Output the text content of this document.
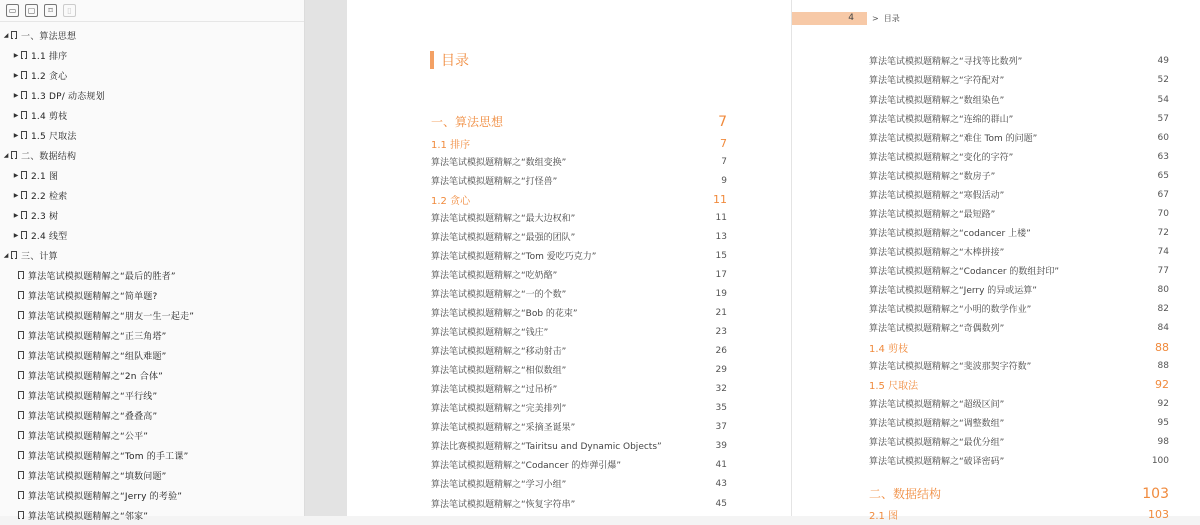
▭	▢	⌑	▯
◢ 一、算法思想
▶ 1.1 排序
▶ 1.2 贪心
▶ 1.3 DP/ 动态规划
▶ 1.4 剪枝
▶ 1.5 尺取法
◢ 二、数据结构
▶ 2.1 图
▶ 2.2 检索
▶ 2.3 树
▶ 2.4 线型
◢ 三、计算
算法笔试模拟题精解之“最后的胜者”
算法笔试模拟题精解之“简单题?
算法笔试模拟题精解之“朋友一生一起走”
算法笔试模拟题精解之“正三角塔”
算法笔试模拟题精解之“组队难题”
算法笔试模拟题精解之“2n 合体”
算法笔试模拟题精解之“平行线”
算法笔试模拟题精解之“叠叠高”
算法笔试模拟题精解之“公平”
算法笔试模拟题精解之“Tom 的手工课”
算法笔试模拟题精解之“填数问题”
算法笔试模拟题精解之“Jerry 的考验”
算法笔试模拟题精解之“邻家”
目录
一、算法思想	7
1.1 排序	7
算法笔试模拟题精解之“数组变换”	7
算法笔试模拟题精解之“打怪兽”	9
1.2 贪心	11
算法笔试模拟题精解之“最大边权和”	11
算法笔试模拟题精解之“最强的团队”	13
算法笔试模拟题精解之“Tom 爱吃巧克力”	15
算法笔试模拟题精解之“吃奶酪”	17
算法笔试模拟题精解之“一的个数”	19
算法笔试模拟题精解之“Bob 的花束”	21
算法笔试模拟题精解之“钱庄”	23
算法笔试模拟题精解之“移动射击”	26
算法笔试模拟题精解之“相似数组”	29
算法笔试模拟题精解之“过吊桥”	32
算法笔试模拟题精解之“完美排列”	35
算法笔试模拟题精解之“采摘圣诞果”	37
算法比赛模拟题精解之“Tairitsu and Dynamic Objects”	39
算法笔试模拟题精解之“Codancer 的炸弹引爆”	41
算法笔试模拟题精解之“学习小组”	43
算法笔试模拟题精解之“恢复字符串”	45
4	> 目录
算法笔试模拟题精解之“寻找等比数列”	49
算法笔试模拟题精解之“字符配对”	52
算法笔试模拟题精解之“数组染色”	54
算法笔试模拟题精解之“连绵的群山”	57
算法笔试模拟题精解之“难住 Tom 的问题”	60
算法笔试模拟题精解之“变化的字符”	63
算法笔试模拟题精解之“数房子”	65
算法笔试模拟题精解之“寒假活动”	67
算法笔试模拟题精解之“最短路”	70
算法笔试模拟题精解之“codancer 上楼”	72
算法笔试模拟题精解之“木棒拼接”	74
算法笔试模拟题精解之“Codancer 的数组封印”	77
算法笔试模拟题精解之“Jerry 的异或运算”	80
算法笔试模拟题精解之“小明的数学作业”	82
算法笔试模拟题精解之“奇偶数列”	84
1.4 剪枝	88
算法笔试模拟题精解之“斐波那契字符数”	88
1.5 尺取法	92
算法笔试模拟题精解之“超级区间”	92
算法笔试模拟题精解之“调整数组”	95
算法笔试模拟题精解之“最优分组”	98
算法笔试模拟题精解之“破译密码”	100
二、数据结构	103
2.1 图	103
